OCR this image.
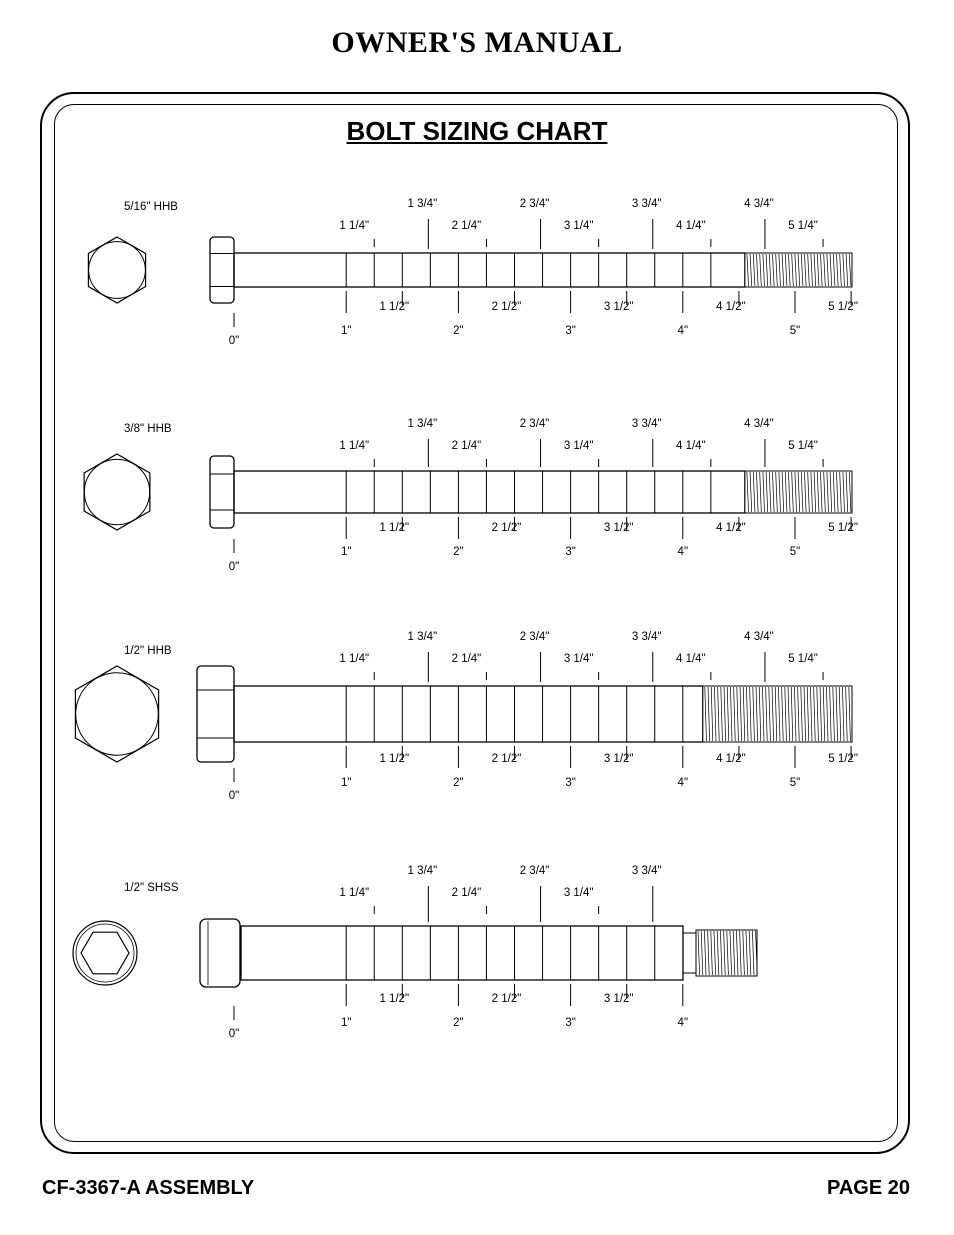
OWNER'S MANUAL
BOLT SIZING CHART
5/16" HHB
0"
1 3/4"	2 3/4"	3 3/4"	4 3/4"
1 1/4"	2 1/4"	3 1/4"	4 1/4"	5 1/4"
1 1/2"	2 1/2"	3 1/2"	4 1/2"	5 1/2"
1"	2"	3"	4"	5"
3/8" HHB
0"
1 3/4"	2 3/4"	3 3/4"	4 3/4"
1 1/4"	2 1/4"	3 1/4"	4 1/4"	5 1/4"
1 1/2"	2 1/2"	3 1/2"	4 1/2"	5 1/2"
1"	2"	3"	4"	5"
1/2" HHB
0"
1 3/4"	2 3/4"	3 3/4"	4 3/4"
1 1/4"	2 1/4"	3 1/4"	4 1/4"	5 1/4"
1 1/2"	2 1/2"	3 1/2"	4 1/2"	5 1/2"
1"	2"	3"	4"	5"
1/2" SHSS
0"
1 3/4"	2 3/4"	3 3/4"
1 1/4"	2 1/4"	3 1/4"
1 1/2"	2 1/2"	3 1/2"
1"	2"	3"	4"
CF-3367-A ASSEMBLY	PAGE 20
